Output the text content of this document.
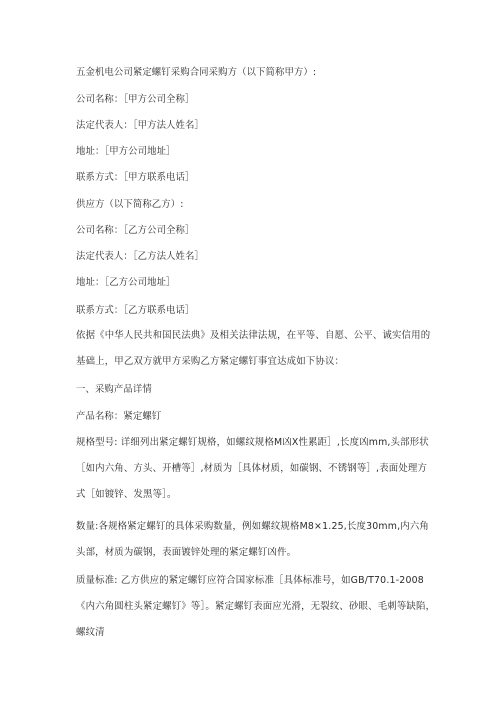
五金机电公司紧定螺钉采购合同采购方（以下简称甲方）:
公司名称：［甲方公司全称］
法定代表人：［甲方法人姓名］
地址：［甲方公司地址］
联系方式：［甲方联系电话］
供应方（以下简称乙方）:
公司名称：［乙方公司全称］
法定代表人：［乙方法人姓名］
地址：［乙方公司地址］
联系方式：［乙方联系电话］
依据《中华人民共和国民法典》及相关法律法规，在平等、自愿、公平、诚实信用的基础上，甲乙双方就甲方采购乙方紧定螺钉事宜达成如下协议：
一、采购产品详情
产品名称：紧定螺钉
规格型号: 详细列出紧定螺钉规格，如螺纹规格M凶X性累距］,长度凶mm,头部形状［如内六角、方头、开槽等］,材质为［具体材质，如碳钢、不锈钢等］,表面处理方式［如镀锌、发黑等］。
数量:各规格紧定螺钉的具体采购数量，例如螺纹规格M8×1.25,长度30mm,内六角头部，材质为碳钢，表面镀锌处理的紧定螺钉凶件。
质量标准: 乙方供应的紧定螺钉应符合国家标准［具体标准号，如GB/T70.1-2008《内六角圆柱头紧定螺钉》等］。紧定螺钉表面应光滑，无裂纹、砂眼、毛刺等缺陷，螺纹清
